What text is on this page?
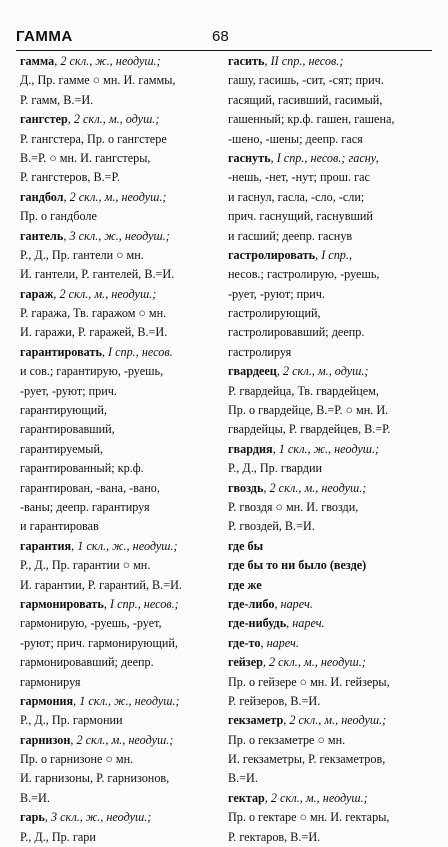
ГАММА	68
гамма, 2 скл., ж., неодуш.;
Д., Пр. гамме ○ мн. И. гаммы,
Р. гамм, В.=И.
гангстер, 2 скл., м., одуш.;
Р. гангстера, Пр. о гангстере
В.=Р. ○ мн. И. гангстеры,
Р. гангстеров, В.=Р.
гандбол, 2 скл., м., неодуш.;
Пр. о гандболе
гантель, 3 скл., ж., неодуш.;
Р., Д., Пр. гантели ○ мн.
И. гантели, Р. гантелей, В.=И.
гараж, 2 скл., м., неодуш.;
Р. гаража, Тв. гаражом ○ мн.
И. гаражи, Р. гаражей, В.=И.
гарантировать, I спр., несов.
и сов.; гарантирую, -руешь,
-рует, -руют; прич.
гарантирующий,
гарантировавший,
гарантируемый,
гарантированный; кр.ф.
гарантирован, -вана, -вано,
-ваны; деепр. гарантируя
и гарантировав
гарантия, 1 скл., ж., неодуш.;
Р., Д., Пр. гарантии ○ мн.
И. гарантии, Р. гарантий, В.=И.
гармонировать, I спр., несов.;
гармонирую, -руешь, -рует,
-руют; прич. гармонирующий,
гармонировавший; деепр.
гармонируя
гармония, 1 скл., ж., неодуш.;
Р., Д., Пр. гармонии
гарнизон, 2 скл., м., неодуш.;
Пр. о гарнизоне ○ мн.
И. гарнизоны, Р. гарнизонов,
В.=И.
гарь, 3 скл., ж., неодуш.;
Р., Д., Пр. гари
гасить, II спр., несов.;
гашу, гасишь, -сит, -сят; прич.
гасящий, гасивший, гасимый,
гашенный; кр.ф. гашен, гашена,
-шено, -шены; деепр. гася
гаснуть, I спр., несов.; гасну,
-нешь, -нет, -нут; прош. гас
и гаснул, гасла, -сло, -сли;
прич. гаснущий, гаснувший
и гасший; деепр. гаснув
гастролировать, I спр.,
несов.; гастролирую, -руешь,
-рует, -руют; прич.
гастролирующий,
гастролировавший; деепр.
гастролируя
гвардеец, 2 скл., м., одуш.;
Р. гвардейца, Тв. гвардейцем,
Пр. о гвардейце, В.=Р. ○ мн. И.
гвардейцы, Р. гвардейцев, В.=Р.
гвардия, 1 скл., ж., неодуш.;
Р., Д., Пр. гвардии
гвоздь, 2 скл., м., неодуш.;
Р. гвоздя ○ мн. И. гвозди,
Р. гвоздей, В.=И.
где бы
где бы то ни было (везде)
где же
где-либо, нареч.
где-нибудь, нареч.
где-то, нареч.
гейзер, 2 скл., м., неодуш.;
Пр. о гейзере ○ мн. И. гейзеры,
Р. гейзеров, В.=И.
гекзаметр, 2 скл., м., неодуш.;
Пр. о гекзаметре ○ мн.
И. гекзаметры, Р. гекзаметров,
В.=И.
гектар, 2 скл., м., неодуш.;
Пр. о гектаре ○ мн. И. гектары,
Р. гектаров, В.=И.
